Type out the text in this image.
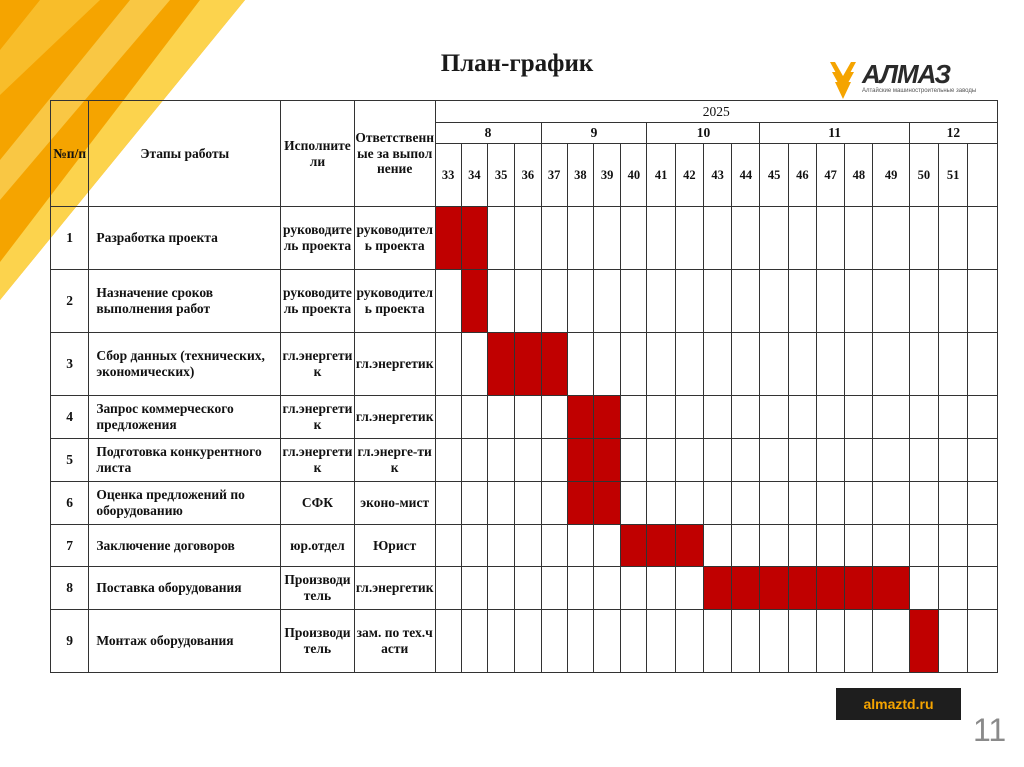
План-график	АЛМАЗ
Алтайские машиностроительные заводы
№п/п	Этапы работы	Исполнители	Ответственные за выполнение	2025																			
				8				9				10				11					12		
				33	34	35	36	37	38	39	40	41	42	43	44	45	46	47	48	49	50	51	
1	Разработка проекта	руководитель проекта	руководитель проекта																				
2	Назначение сроков выполнения работ	руководитель проекта	руководитель проекта																				
3	Сбор данных (технических, экономических)	гл.энергетик	гл.энергетик																				
4	Запрос коммерческого предложения	гл.энергетик	гл.энергетик																				
5	Подготовка конкурентного листа	гл.энергетик	гл.энерге-тик																				
6	Оценка предложений по оборудованию	СФК	эконо-мист																				
7	Заключение договоров	юр.отдел	Юрист																				
8	Поставка оборудования	Производитель	гл.энергетик																				
9	Монтаж оборудования	Производитель	зам. по тех.части																				
almaztd.ru
11
